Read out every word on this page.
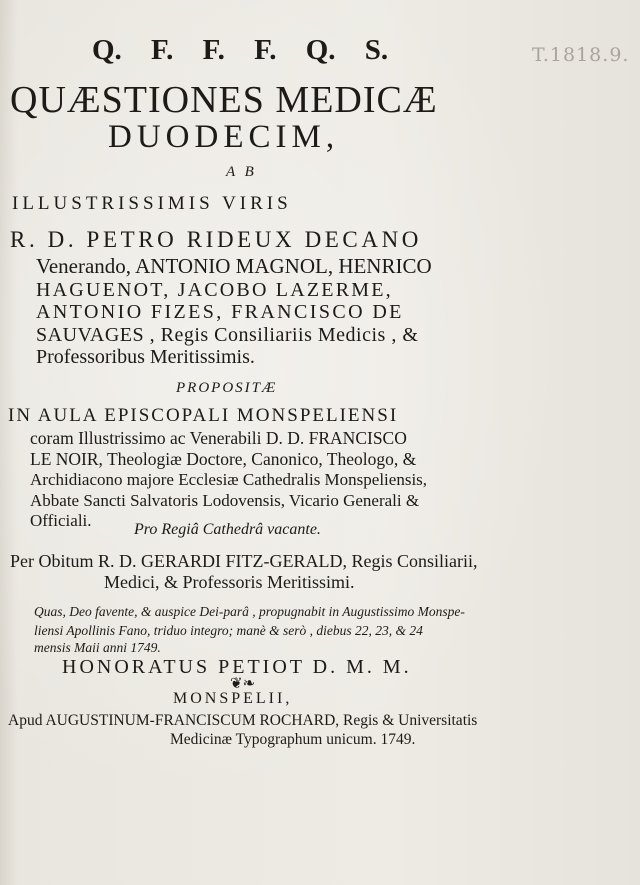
T.1818.9.
Q. F. F. F. Q. S.
QUÆSTIONES MEDICÆ
DUODECIM,
A B
ILLUSTRISSIMIS VIRIS
R. D. PETRO RIDEUX DECANO
Venerando, ANTONIO MAGNOL, HENRICO
HAGUENOT, JACOBO LAZERME,
ANTONIO FIZES, FRANCISCO DE
SAUVAGES , Regis Consiliariis Medicis , &
Professoribus Meritissimis.
PROPOSITÆ
IN AULA EPISCOPALI MONSPELIENSI
coram Illustrissimo ac Venerabili D. D. FRANCISCO
LE NOIR, Theologiæ Doctore, Canonico, Theologo, &
Archidiacono majore Ecclesiæ Cathedralis Monspeliensis,
Abbate Sancti Salvatoris Lodovensis, Vicario Generali &
Officiali.	Pro Regiâ Cathedrâ vacante.
Per Obitum R. D. GERARDI FITZ-GERALD, Regis Consiliarii,
Medici, & Professoris Meritissimi.
Quas, Deo favente, & auspice Dei-parâ , propugnabit in Augustissimo Monspe-
liensi Apollinis Fano, triduo integro; manè & serò , diebus 22, 23, & 24
mensis Maii anni 1749.
HONORATUS PETIOT D. M. M.
❦❧
MONSPELII,
Apud AUGUSTINUM-FRANCISCUM ROCHARD, Regis & Universitatis
Medicinæ Typographum unicum. 1749.
